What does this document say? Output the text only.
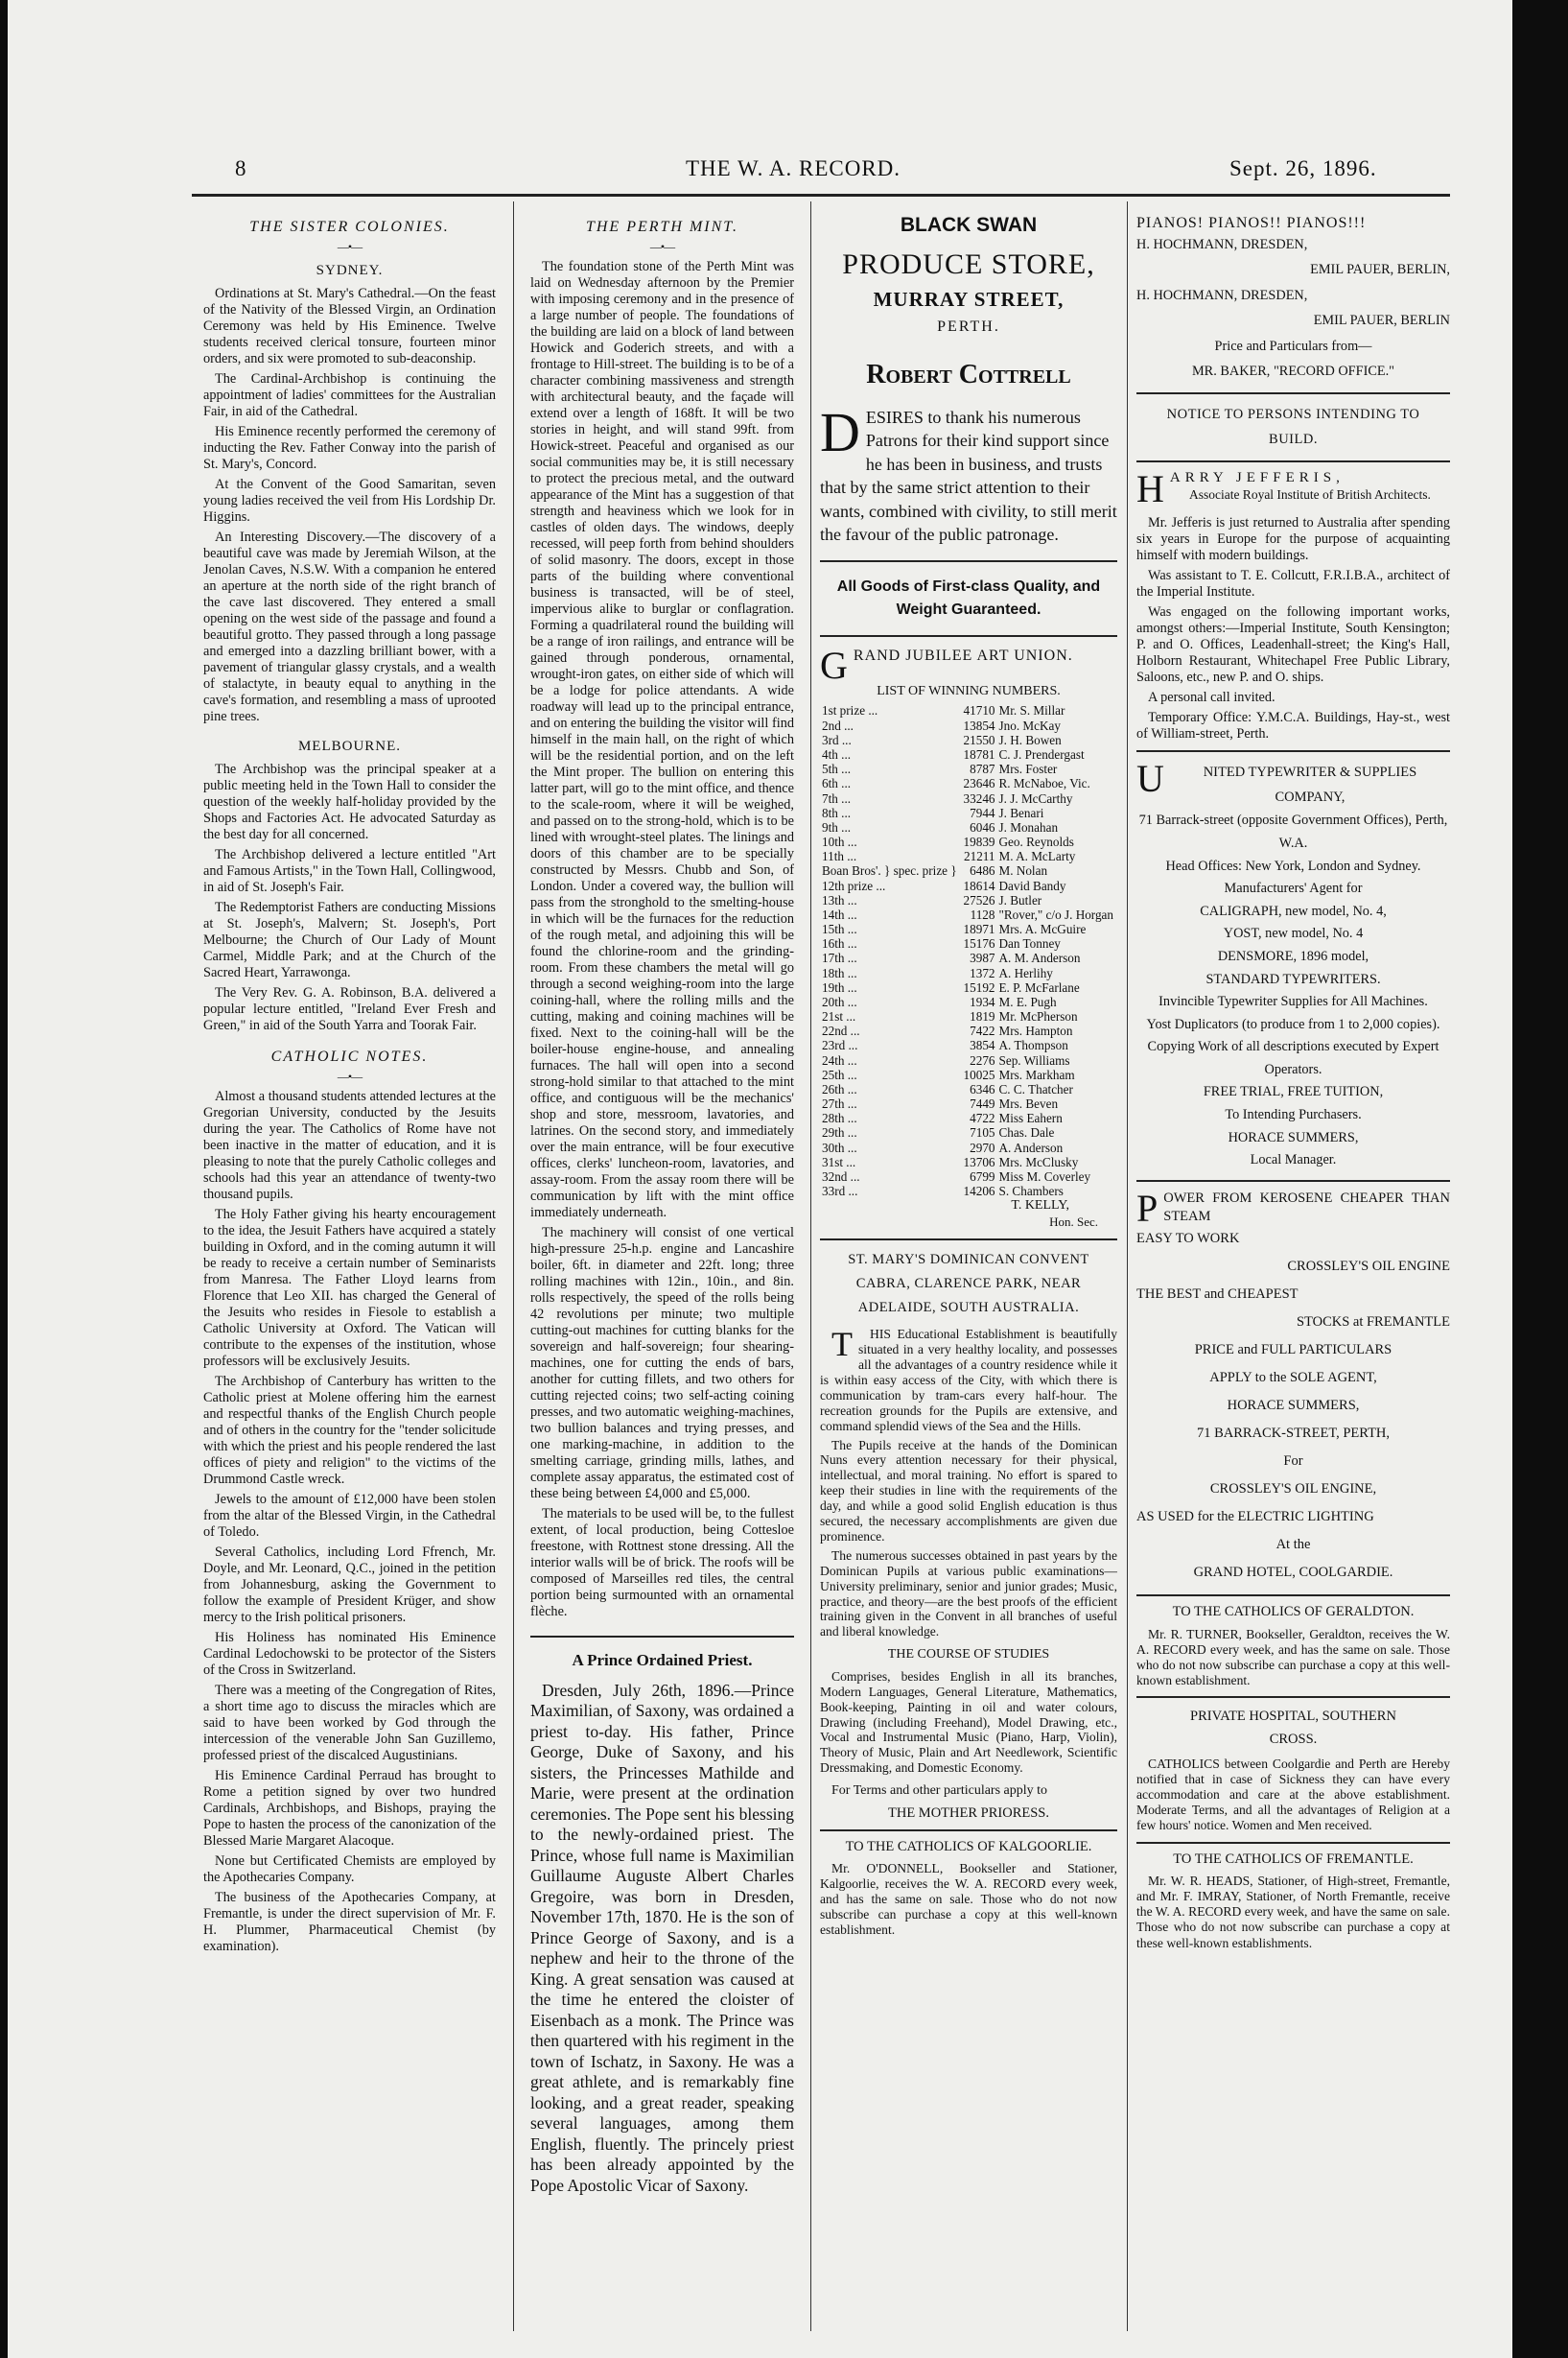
8	THE W. A. RECORD.	Sept. 26, 1896.
THE SISTER COLONIES.
—•—
SYDNEY.

Ordinations at St. Mary's Cathedral.—On the feast of the Nativity of the Blessed Virgin, an Ordination Ceremony was held by His Eminence. Twelve students received clerical tonsure, fourteen minor orders, and six were promoted to sub-deaconship.

The Cardinal-Archbishop is continuing the appointment of ladies' committees for the Australian Fair, in aid of the Cathedral.

His Eminence recently performed the ceremony of inducting the Rev. Father Conway into the parish of St. Mary's, Concord.

At the Convent of the Good Samaritan, seven young ladies received the veil from His Lordship Dr. Higgins.

An Interesting Discovery.—The discovery of a beautiful cave was made by Jeremiah Wilson, at the Jenolan Caves, N.S.W. With a companion he entered an aperture at the north side of the right branch of the cave last discovered. They entered a small opening on the west side of the passage and found a beautiful grotto. They passed through a long passage and emerged into a dazzling brilliant bower, with a pavement of triangular glassy crystals, and a wealth of stalactyte, in beauty equal to anything in the cave's formation, and resembling a mass of uprooted pine trees.

MELBOURNE.

The Archbishop was the principal speaker at a public meeting held in the Town Hall to consider the question of the weekly half-holiday provided by the Shops and Factories Act. He advocated Saturday as the best day for all concerned.

The Archbishop delivered a lecture entitled "Art and Famous Artists," in the Town Hall, Collingwood, in aid of St. Joseph's Fair.

The Redemptorist Fathers are conducting Missions at St. Joseph's, Malvern; St. Joseph's, Port Melbourne; the Church of Our Lady of Mount Carmel, Middle Park; and at the Church of the Sacred Heart, Yarrawonga.

The Very Rev. G. A. Robinson, B.A. delivered a popular lecture entitled, "Ireland Ever Fresh and Green," in aid of the South Yarra and Toorak Fair.

CATHOLIC NOTES.
—•—

Almost a thousand students attended lectures at the Gregorian University, conducted by the Jesuits during the year. The Catholics of Rome have not been inactive in the matter of education, and it is pleasing to note that the purely Catholic colleges and schools had this year an attendance of twenty-two thousand pupils.

The Holy Father giving his hearty encouragement to the idea, the Jesuit Fathers have acquired a stately building in Oxford, and in the coming autumn it will be ready to receive a certain number of Seminarists from Manresa. The Father Lloyd learns from Florence that Leo XII. has charged the General of the Jesuits who resides in Fiesole to establish a Catholic University at Oxford. The Vatican will contribute to the expenses of the institution, whose professors will be exclusively Jesuits.

The Archbishop of Canterbury has written to the Catholic priest at Molene offering him the earnest and respectful thanks of the English Church people and of others in the country for the "tender solicitude with which the priest and his people rendered the last offices of piety and religion" to the victims of the Drummond Castle wreck.

Jewels to the amount of £12,000 have been stolen from the altar of the Blessed Virgin, in the Cathedral of Toledo.

Several Catholics, including Lord Ffrench, Mr. Doyle, and Mr. Leonard, Q.C., joined in the petition from Johannesburg, asking the Government to follow the example of President Krüger, and show mercy to the Irish political prisoners.

His Holiness has nominated His Eminence Cardinal Ledochowski to be protector of the Sisters of the Cross in Switzerland.

There was a meeting of the Congregation of Rites, a short time ago to discuss the miracles which are said to have been worked by God through the intercession of the venerable John San Guzillemo, professed priest of the discalced Augustinians.

His Eminence Cardinal Perraud has brought to Rome a petition signed by over two hundred Cardinals, Archbishops, and Bishops, praying the Pope to hasten the process of the canonization of the Blessed Marie Margaret Alacoque.

None but Certificated Chemists are employed by the Apothecaries Company.

The business of the Apothecaries Company, at Fremantle, is under the direct supervision of Mr. F. H. Plummer, Pharmaceutical Chemist (by examination).

THE PERTH MINT.
—•—

The foundation stone of the Perth Mint was laid on Wednesday afternoon by the Premier with imposing ceremony and in the presence of a large number of people. The foundations of the building are laid on a block of land between Howick and Goderich streets, and with a frontage to Hill-street. The building is to be of a character combining massiveness and strength with architectural beauty, and the façade will extend over a length of 168ft. It will be two stories in height, and will stand 99ft. from Howick-street. Peaceful and organised as our social communities may be, it is still necessary to protect the precious metal, and the outward appearance of the Mint has a suggestion of that strength and heaviness which we look for in castles of olden days. The windows, deeply recessed, will peep forth from behind shoulders of solid masonry. The doors, except in those parts of the building where conventional business is transacted, will be of steel, impervious alike to burglar or conflagration. Forming a quadrilateral round the building will be a range of iron railings, and entrance will be gained through ponderous, ornamental, wrought-iron gates, on either side of which will be a lodge for police attendants. A wide roadway will lead up to the principal entrance, and on entering the building the visitor will find himself in the main hall, on the right of which will be the residential portion, and on the left the Mint proper. The bullion on entering this latter part, will go to the mint office, and thence to the scale-room, where it will be weighed, and passed on to the strong-hold, which is to be lined with wrought-steel plates. The linings and doors of this chamber are to be specially constructed by Messrs. Chubb and Son, of London. Under a covered way, the bullion will pass from the stronghold to the smelting-house in which will be the furnaces for the reduction of the rough metal, and adjoining this will be found the chlorine-room and the grinding-room. From these chambers the metal will go through a second weighing-room into the large coining-hall, where the rolling mills and the cutting, making and coining machines will be fixed. Next to the coining-hall will be the boiler-house engine-house, and annealing furnaces. The hall will open into a second strong-hold similar to that attached to the mint office, and contiguous will be the mechanics' shop and store, messroom, lavatories, and latrines. On the second story, and immediately over the main entrance, will be four executive offices, clerks' luncheon-room, lavatories, and assay-room. From the assay room there will be communication by lift with the mint office immediately underneath.

The machinery will consist of one vertical high-pressure 25-h.p. engine and Lancashire boiler, 6ft. in diameter and 22ft. long; three rolling machines with 12in., 10in., and 8in. rolls respectively, the speed of the rolls being 42 revolutions per minute; two multiple cutting-out machines for cutting blanks for the sovereign and half-sovereign; four shearing-machines, one for cutting the ends of bars, another for cutting fillets, and two others for cutting rejected coins; two self-acting coining presses, and two automatic weighing-machines, two bullion balances and trying presses, and one marking-machine, in addition to the smelting carriage, grinding mills, lathes, and complete assay apparatus, the estimated cost of these being between £4,000 and £5,000.

The materials to be used will be, to the fullest extent, of local production, being Cottesloe freestone, with Rottnest stone dressing. All the interior walls will be of brick. The roofs will be composed of Marseilles red tiles, the central portion being surmounted with an ornamental flèche.

A Prince Ordained Priest.

Dresden, July 26th, 1896.—Prince Maximilian, of Saxony, was ordained a priest to-day. His father, Prince George, Duke of Saxony, and his sisters, the Princesses Mathilde and Marie, were present at the ordination ceremonies. The Pope sent his blessing to the newly-ordained priest. The Prince, whose full name is Maximilian Guillaume Auguste Albert Charles Gregoire, was born in Dresden, November 17th, 1870. He is the son of Prince George of Saxony, and is a nephew and heir to the throne of the King. A great sensation was caused at the time he entered the cloister of Eisenbach as a monk. The Prince was then quartered with his regiment in the town of Ischatz, in Saxony. He was a great athlete, and is remarkably fine looking, and a great reader, speaking several languages, among them English, fluently. The princely priest has been already appointed by the Pope Apostolic Vicar of Saxony.

BLACK SWAN
PRODUCE STORE,
MURRAY STREET,
PERTH.
Robert Cottrell
DESIRES to thank his numerous Patrons for their kind support since he has been in business, and trusts that by the same strict attention to their wants, combined with civility, to still merit the favour of the public patronage.
All Goods of First-class Quality, and Weight Guaranteed.
GRAND JUBILEE ART UNION.
LIST OF WINNING NUMBERS.
1st prize ...	41710	Mr. S. Millar
2nd ...	13854	Jno. McKay
3rd ...	21550	J. H. Bowen
4th ...	18781	C. J. Prendergast
5th ...	8787	Mrs. Foster
6th ...	23646	R. McNaboe, Vic.
7th ...	33246	J. J. McCarthy
8th ...	7944	J. Benari
9th ...	6046	J. Monahan
10th ...	19839	Geo. Reynolds
11th ...	21211	M. A. McLarty
Boan Bros'. } spec. prize }	6486	M. Nolan
12th prize ...	18614	David Bandy
13th ...	27526	J. Butler
14th ...	1128	"Rover," c/o J. Horgan
15th ...	18971	Mrs. A. McGuire
16th ...	15176	Dan Tonney
17th ...	3987	A. M. Anderson
18th ...	1372	A. Herlihy
19th ...	15192	E. P. McFarlane
20th ...	1934	M. E. Pugh
21st ...	1819	Mr. McPherson
22nd ...	7422	Mrs. Hampton
23rd ...	3854	A. Thompson
24th ...	2276	Sep. Williams
25th ...	10025	Mrs. Markham
26th ...	6346	C. C. Thatcher
27th ...	7449	Mrs. Beven
28th ...	4722	Miss Eahern
29th ...	7105	Chas. Dale
30th ...	2970	A. Anderson
31st ...	13706	Mrs. McClusky
32nd ...	6799	Miss M. Coverley
33rd ...	14206	S. Chambers
T. KELLY,
Hon. Sec.
ST. MARY'S DOMINICAN CONVENT CABRA, CLARENCE PARK, NEAR ADELAIDE, SOUTH AUSTRALIA.

T HIS Educational Establishment is beautifully situated in a very healthy locality, and possesses all the advantages of a country residence while it is within easy access of the City, with which there is communication by tram-cars every half-hour. The recreation grounds for the Pupils are extensive, and command splendid views of the Sea and the Hills.

The Pupils receive at the hands of the Dominican Nuns every attention necessary for their physical, intellectual, and moral training. No effort is spared to keep their studies in line with the requirements of the day, and while a good solid English education is thus secured, the necessary accomplishments are given due prominence.

The numerous successes obtained in past years by the Dominican Pupils at various public examinations—University preliminary, senior and junior grades; Music, practice, and theory—are the best proofs of the efficient training given in the Convent in all branches of useful and liberal knowledge.

THE COURSE OF STUDIES

Comprises, besides English in all its branches, Modern Languages, General Literature, Mathematics, Book-keeping, Painting in oil and water colours, Drawing (including Freehand), Model Drawing, etc., Vocal and Instrumental Music (Piano, Harp, Violin), Theory of Music, Plain and Art Needlework, Scientific Dressmaking, and Domestic Economy.

For Terms and other particulars apply to

THE MOTHER PRIORESS.
TO THE CATHOLICS OF KALGOORLIE.

Mr. O'DONNELL, Bookseller and Stationer, Kalgoorlie, receives the W. A. RECORD every week, and has the same on sale. Those who do not now subscribe can purchase a copy at this well-known establishment.

PIANOS! PIANOS!! PIANOS!!!
H. HOCHMANN, DRESDEN,
EMIL PAUER, BERLIN,
H. HOCHMANN, DRESDEN,
EMIL PAUER, BERLIN
Price and Particulars from—
MR. BAKER, "RECORD OFFICE."
NOTICE TO PERSONS INTENDING TO BUILD.
H ARRY JEFFERIS,
Associate Royal Institute of British Architects.

Mr. Jefferis is just returned to Australia after spending six years in Europe for the purpose of acquainting himself with modern buildings.

Was assistant to T. E. Collcutt, F.R.I.B.A., architect of the Imperial Institute.

Was engaged on the following important works, amongst others:—Imperial Institute, South Kensington; P. and O. Offices, Leadenhall-street; the King's Hall, Holborn Restaurant, Whitechapel Free Public Library, Saloons, etc., new P. and O. ships.

A personal call invited.

Temporary Office: Y.M.C.A. Buildings, Hay-st., west of William-street, Perth.

U	NITED TYPEWRITER & SUPPLIES COMPANY,
71 Barrack-street (opposite Government Offices), Perth, W.A.
Head Offices: New York, London and Sydney.
Manufacturers' Agent for
CALIGRAPH, new model, No. 4,
YOST, new model, No. 4
DENSMORE, 1896 model,
STANDARD TYPEWRITERS.
Invincible Typewriter Supplies for All Machines.
Yost Duplicators (to produce from 1 to 2,000 copies).
Copying Work of all descriptions executed by Expert Operators.
FREE TRIAL, FREE TUITION,
To Intending Purchasers.
HORACE SUMMERS,
Local Manager.
P OWER FROM KEROSENE CHEAPER THAN STEAM
EASY TO WORK
CROSSLEY'S OIL ENGINE
THE BEST and CHEAPEST
STOCKS at FREMANTLE
PRICE and FULL PARTICULARS
APPLY to the SOLE AGENT,
HORACE SUMMERS,
71 BARRACK-STREET, PERTH,
For
CROSSLEY'S OIL ENGINE,
AS USED for the ELECTRIC LIGHTING
At the
GRAND HOTEL, COOLGARDIE.
TO THE CATHOLICS OF GERALDTON.

Mr. R. TURNER, Bookseller, Geraldton, receives the W. A. RECORD every week, and has the same on sale. Those who do not now subscribe can purchase a copy at this well-known establishment.

PRIVATE HOSPITAL, SOUTHERN CROSS.

CATHOLICS between Coolgardie and Perth are Hereby notified that in case of Sickness they can have every accommodation and care at the above establishment. Moderate Terms, and all the advantages of Religion at a few hours' notice. Women and Men received.

TO THE CATHOLICS OF FREMANTLE.

Mr. W. R. HEADS, Stationer, of High-street, Fremantle, and Mr. F. IMRAY, Stationer, of North Fremantle, receive the W. A. RECORD every week, and have the same on sale. Those who do not now subscribe can purchase a copy at these well-known establishments.
